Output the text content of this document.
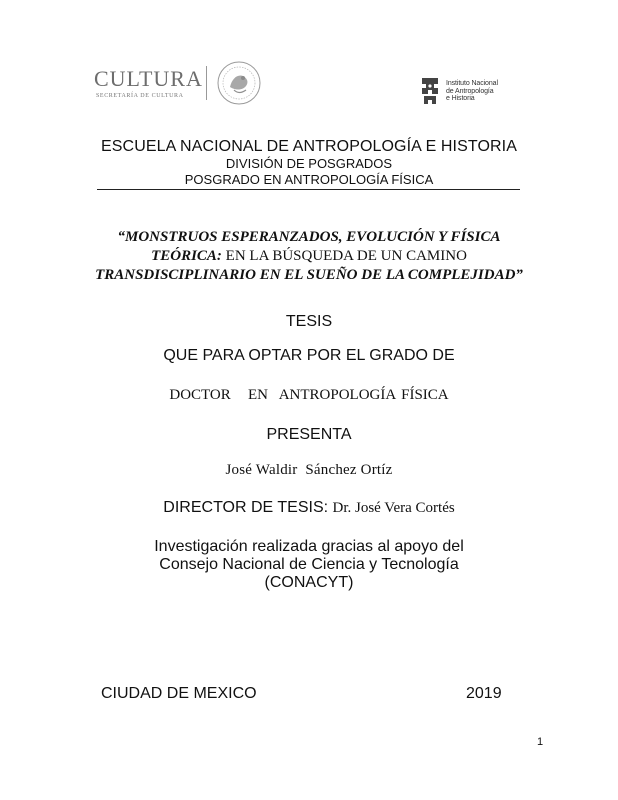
CULTURA
SECRETARÍA DE CULTURA
Instituto Nacional
de Antropología
e Historia
ESCUELA NACIONAL DE ANTROPOLOGÍA E HISTORIA
DIVISIÓN DE POSGRADOS
POSGRADO EN ANTROPOLOGÍA FÍSICA
“MONSTRUOS ESPERANZADOS, EVOLUCIÓN Y FÍSICA
TEÓRICA: EN LA BÚSQUEDA DE UN CAMINO
TRANSDISCIPLINARIO EN EL SUEÑO DE LA COMPLEJIDAD”
TESIS
QUE PARA OPTAR POR EL GRADO DE
DOCTOR   EN  ANTROPOLOGÍA FÍSICA
PRESENTA
José Waldir  Sánchez Ortíz
DIRECTOR DE TESIS: Dr. José Vera Cortés
Investigación realizada gracias al apoyo del
Consejo Nacional de Ciencia y Tecnología
(CONACYT)
CIUDAD DE MEXICO	2019
1
